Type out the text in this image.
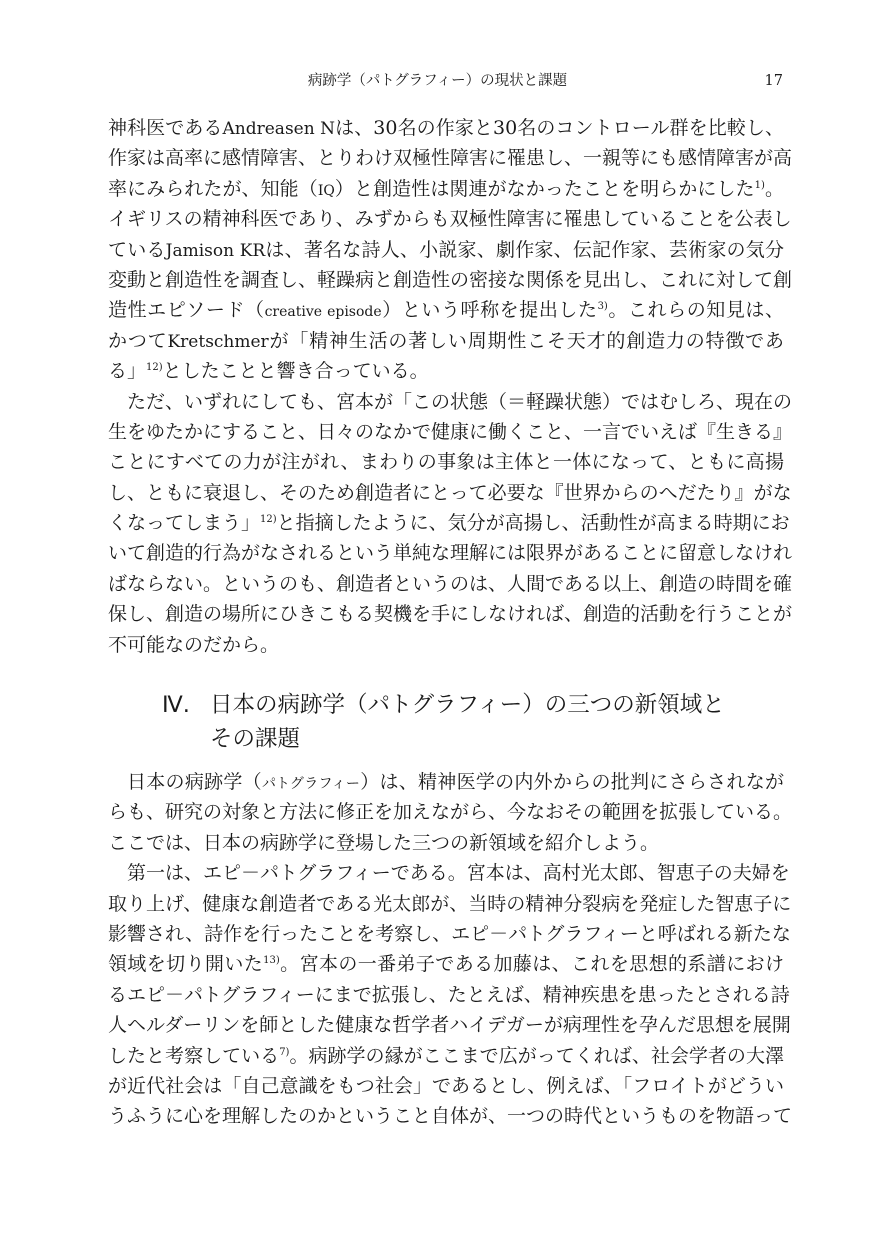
病跡学（パトグラフィー）の現状と課題	17
神科医であるAndreasen Nは、30名の作家と30名のコントロール群を比較し、
作家は高率に感情障害、とりわけ双極性障害に罹患し、一親等にも感情障害が高
率にみられたが、知能（IQ）と創造性は関連がなかったことを明らかにした$^{1)}$。
イギリスの精神科医であり、みずからも双極性障害に罹患していることを公表し
ているJamison KRは、著名な詩人、小説家、劇作家、伝記作家、芸術家の気分
変動と創造性を調査し、軽躁病と創造性の密接な関係を見出し、これに対して創
造性エピソード（creative episode）という呼称を提出した$^{3)}$。これらの知見は、
かつてKretschmerが「精神生活の著しい周期性こそ天才的創造力の特徴であ
る」$^{12)}$としたことと響き合っている。
ただ、いずれにしても、宮本が「この状態（＝軽躁状態）ではむしろ、現在の
生をゆたかにすること、日々のなかで健康に働くこと、一言でいえば『生きる』
ことにすべての力が注がれ、まわりの事象は主体と一体になって、ともに高揚
し、ともに衰退し、そのため創造者にとって必要な『世界からのへだたり』がな
くなってしまう」$^{12)}$と指摘したように、気分が高揚し、活動性が高まる時期にお
いて創造的行為がなされるという単純な理解には限界があることに留意しなけれ
ばならない。というのも、創造者というのは、人間である以上、創造の時間を確
保し、創造の場所にひきこもる契機を手にしなければ、創造的活動を行うことが
不可能なのだから。
Ⅳ. 日本の病跡学（パトグラフィー）の三つの新領域と
その課題
日本の病跡学（パトグラフィー）は、精神医学の内外からの批判にさらされなが
らも、研究の対象と方法に修正を加えながら、今なおその範囲を拡張している。
ここでは、日本の病跡学に登場した三つの新領域を紹介しよう。
第一は、エピ－パトグラフィーである。宮本は、高村光太郎、智恵子の夫婦を
取り上げ、健康な創造者である光太郎が、当時の精神分裂病を発症した智恵子に
影響され、詩作を行ったことを考察し、エピ－パトグラフィーと呼ばれる新たな
領域を切り開いた$^{13)}$。宮本の一番弟子である加藤は、これを思想的系譜におけ
るエピ－パトグラフィーにまで拡張し、たとえば、精神疾患を患ったとされる詩
人ヘルダーリンを師とした健康な哲学者ハイデガーが病理性を孕んだ思想を展開
したと考察している$^{7)}$。病跡学の縁がここまで広がってくれば、社会学者の大澤
が近代社会は「自己意識をもつ社会」であるとし、例えば、「フロイトがどうい
うふうに心を理解したのかということ自体が、一つの時代というものを物語って
